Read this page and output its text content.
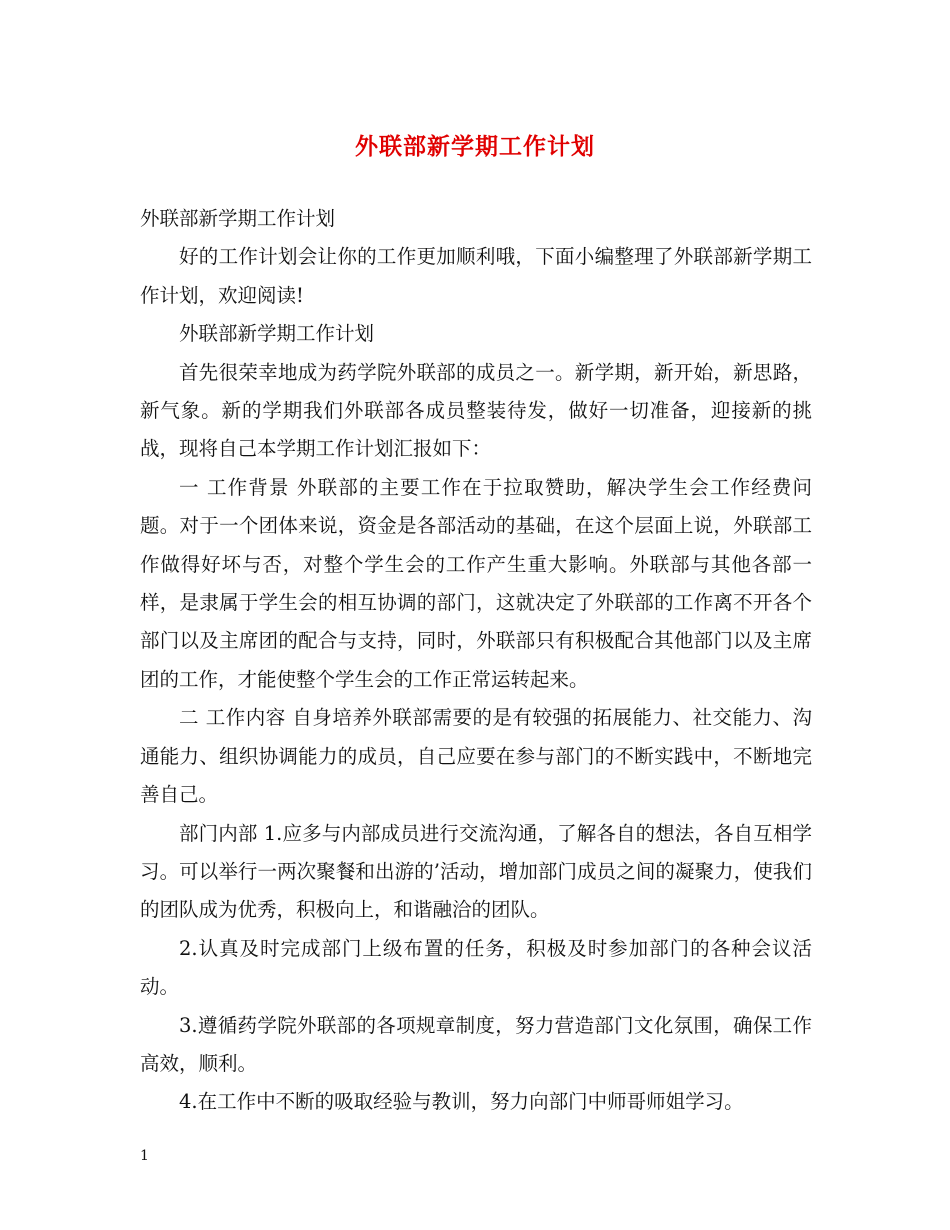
外联部新学期工作计划

外联部新学期工作计划

好的工作计划会让你的工作更加顺利哦，下面小编整理了外联部新学期工作计划，欢迎阅读!

外联部新学期工作计划

首先很荣幸地成为药学院外联部的成员之一。新学期，新开始，新思路，新气象。新的学期我们外联部各成员整装待发，做好一切准备，迎接新的挑战，现将自己本学期工作计划汇报如下：

一 工作背景 外联部的主要工作在于拉取赞助，解决学生会工作经费问题。对于一个团体来说，资金是各部活动的基础，在这个层面上说，外联部工作做得好坏与否，对整个学生会的工作产生重大影响。外联部与其他各部一样，是隶属于学生会的相互协调的部门，这就决定了外联部的工作离不开各个部门以及主席团的配合与支持，同时，外联部只有积极配合其他部门以及主席团的工作，才能使整个学生会的工作正常运转起来。

二 工作内容 自身培养外联部需要的是有较强的拓展能力、社交能力、沟通能力、组织协调能力的成员，自己应要在参与部门的不断实践中，不断地完善自己。

部门内部 1.应多与内部成员进行交流沟通，了解各自的想法，各自互相学习。可以举行一两次聚餐和出游的’活动，增加部门成员之间的凝聚力，使我们的团队成为优秀，积极向上，和谐融洽的团队。

2.认真及时完成部门上级布置的任务，积极及时参加部门的各种会议活动。

3.遵循药学院外联部的各项规章制度，努力营造部门文化氛围，确保工作高效，顺利。

4.在工作中不断的吸取经验与教训，努力向部门中师哥师姐学习。

1
